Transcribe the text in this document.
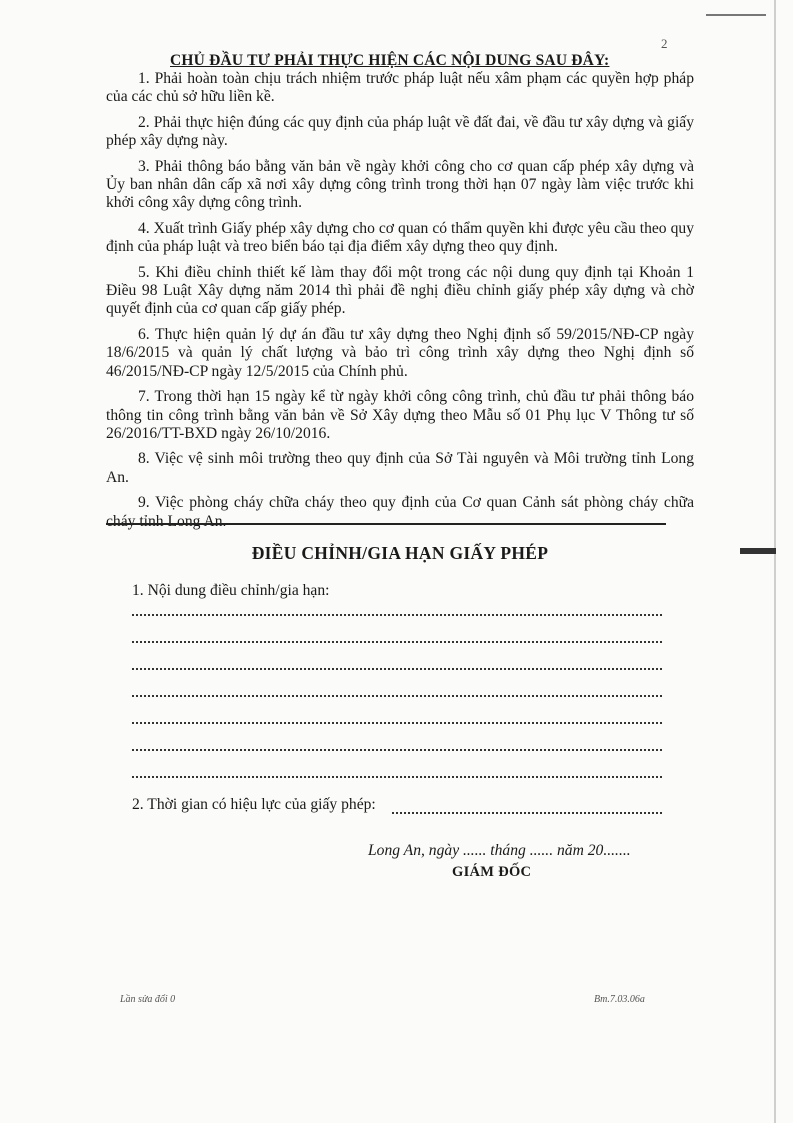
2
CHỦ ĐẦU TƯ PHẢI THỰC HIỆN CÁC NỘI DUNG SAU ĐÂY:

1. Phải hoàn toàn chịu trách nhiệm trước pháp luật nếu xâm phạm các quyền hợp pháp của các chủ sở hữu liền kề.

2. Phải thực hiện đúng các quy định của pháp luật về đất đai, về đầu tư xây dựng và giấy phép xây dựng này.

3. Phải thông báo bằng văn bản về ngày khởi công cho cơ quan cấp phép xây dựng và Ủy ban nhân dân cấp xã nơi xây dựng công trình trong thời hạn 07 ngày làm việc trước khi khởi công xây dựng công trình.

4. Xuất trình Giấy phép xây dựng cho cơ quan có thẩm quyền khi được yêu cầu theo quy định của pháp luật và treo biển báo tại địa điểm xây dựng theo quy định.

5. Khi điều chỉnh thiết kế làm thay đổi một trong các nội dung quy định tại Khoản 1 Điều 98 Luật Xây dựng năm 2014 thì phải đề nghị điều chỉnh giấy phép xây dựng và chờ quyết định của cơ quan cấp giấy phép.

6. Thực hiện quản lý dự án đầu tư xây dựng theo Nghị định số 59/2015/NĐ-CP ngày 18/6/2015 và quản lý chất lượng và bảo trì công trình xây dựng theo Nghị định số 46/2015/NĐ-CP ngày 12/5/2015 của Chính phủ.

7. Trong thời hạn 15 ngày kể từ ngày khởi công công trình, chủ đầu tư phải thông báo thông tin công trình bằng văn bản về Sở Xây dựng theo Mẫu số 01 Phụ lục V Thông tư số 26/2016/TT-BXD ngày 26/10/2016.

8. Việc vệ sinh môi trường theo quy định của Sở Tài nguyên và Môi trường tỉnh Long An.

9. Việc phòng cháy chữa cháy theo quy định của Cơ quan Cảnh sát phòng cháy chữa cháy tỉnh Long An.

ĐIỀU CHỈNH/GIA HẠN GIẤY PHÉP
1. Nội dung điều chỉnh/gia hạn:
2. Thời gian có hiệu lực của giấy phép:
Long An, ngày ...... tháng ...... năm 20.......
GIÁM ĐỐC
Lần sửa đổi 0	Bm.7.03.06a
